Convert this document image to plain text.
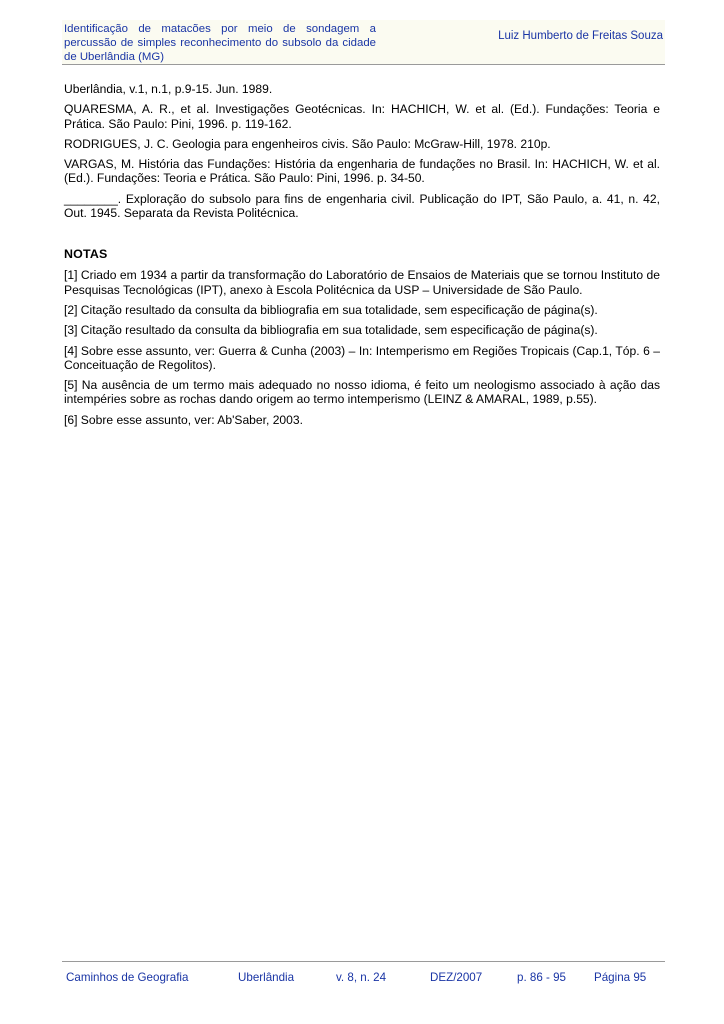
Identificação de matacões por meio de sondagem a percussão de simples reconhecimento do subsolo da cidade de Uberlândia (MG)
Luiz Humberto de Freitas Souza

Uberlândia, v.1, n.1, p.9-15. Jun. 1989.

QUARESMA, A. R., et al. Investigações Geotécnicas. In: HACHICH, W. et al. (Ed.). Fundações: Teoria e Prática. São Paulo: Pini, 1996. p. 119-162.

RODRIGUES, J. C. Geologia para engenheiros civis. São Paulo: McGraw-Hill, 1978. 210p.

VARGAS, M. História das Fundações: História da engenharia de fundações no Brasil. In: HACHICH, W. et al. (Ed.). Fundações: Teoria e Prática. São Paulo: Pini, 1996. p. 34-50.

________. Exploração do subsolo para fins de engenharia civil. Publicação do IPT, São Paulo, a. 41, n. 42, Out. 1945. Separata da Revista Politécnica.

NOTAS

[1] Criado em 1934 a partir da transformação do Laboratório de Ensaios de Materiais que se tornou Instituto de Pesquisas Tecnológicas (IPT), anexo à Escola Politécnica da USP – Universidade de São Paulo.

[2] Citação resultado da consulta da bibliografia em sua totalidade, sem especificação de página(s).

[3] Citação resultado da consulta da bibliografia em sua totalidade, sem especificação de página(s).

[4] Sobre esse assunto, ver: Guerra & Cunha (2003) – In: Intemperismo em Regiões Tropicais (Cap.1, Tóp. 6 – Conceituação de Regolitos).

[5] Na ausência de um termo mais adequado no nosso idioma, é feito um neologismo associado à ação das intempéries sobre as rochas dando origem ao termo intemperismo (LEINZ & AMARAL, 1989, p.55).

[6] Sobre esse assunto, ver: Ab'Saber, 2003.

Caminhos de Geografia	Uberlândia	v. 8, n. 24	DEZ/2007	p. 86 - 95 Página 95
